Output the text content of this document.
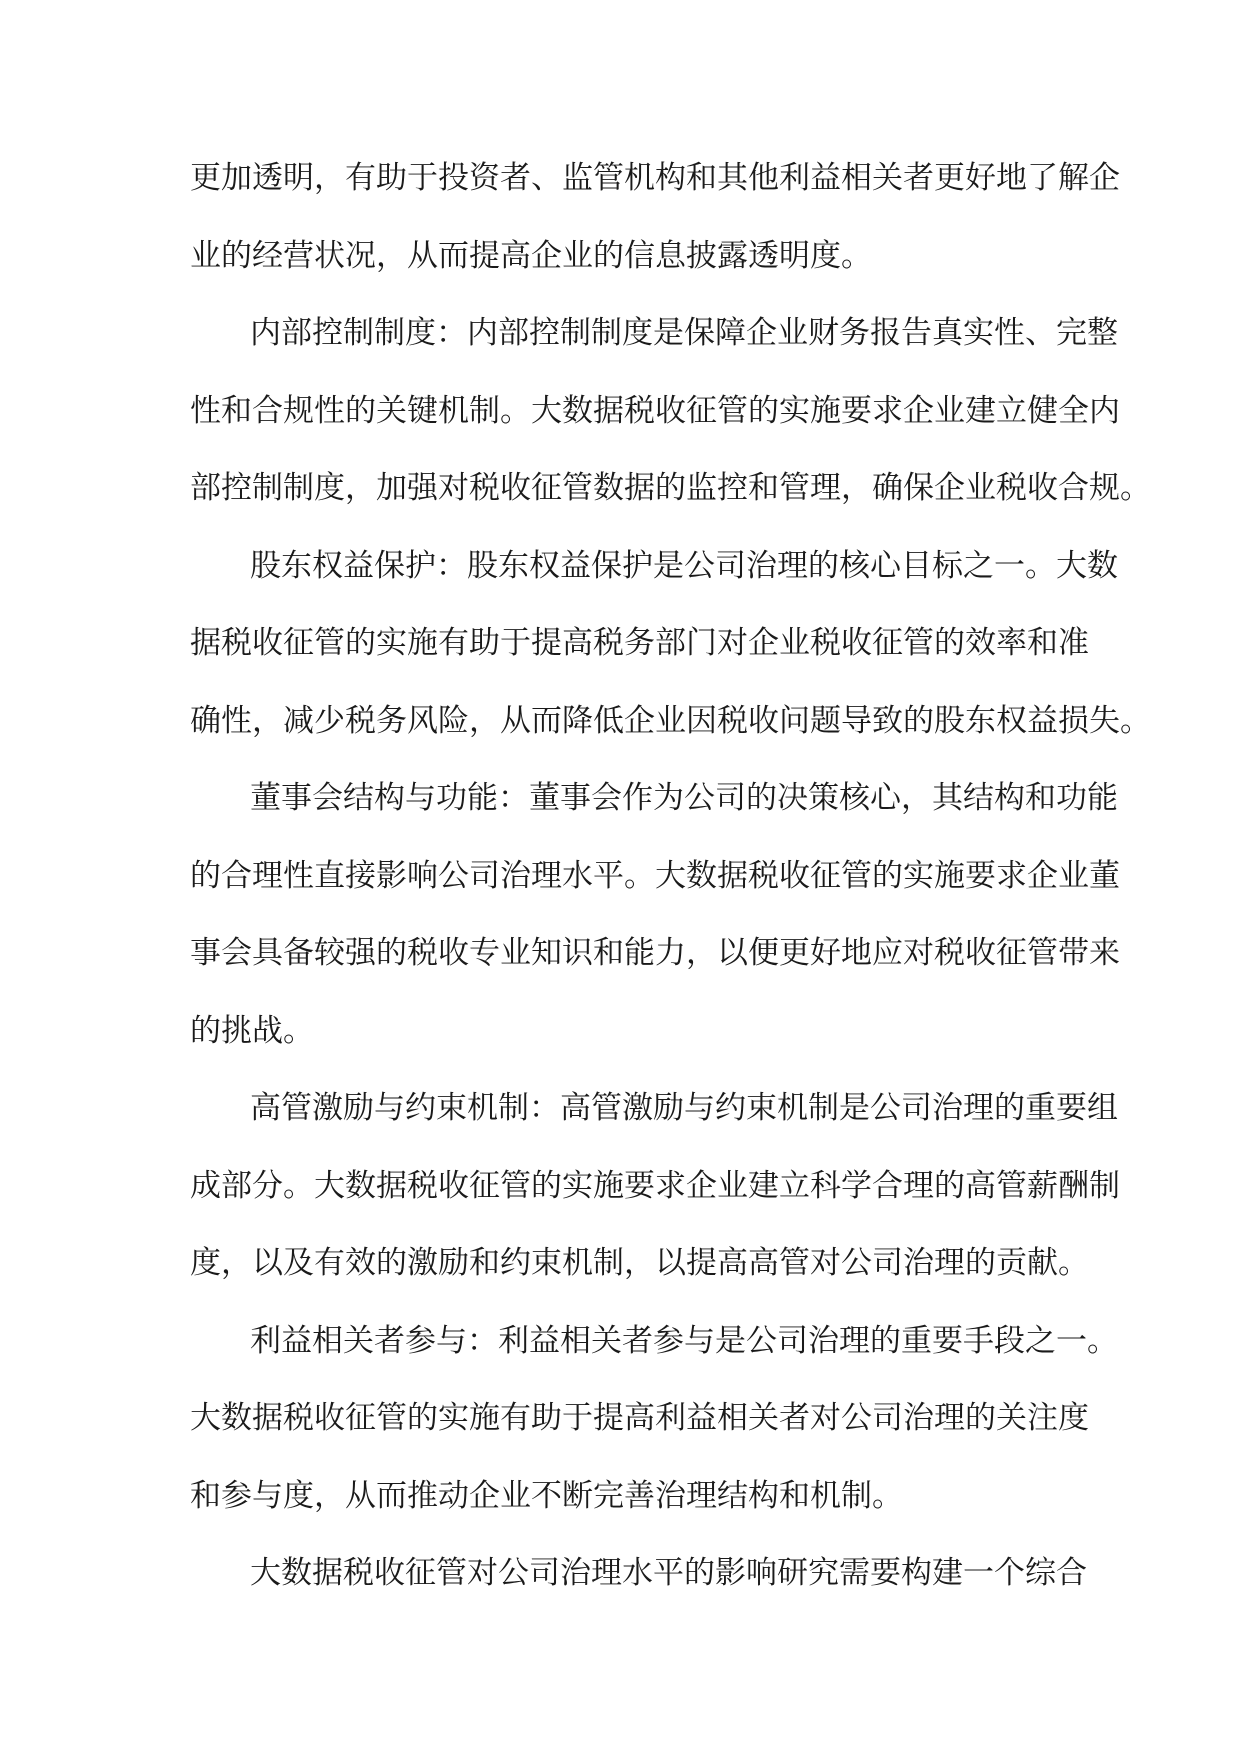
更加透明，有助于投资者、监管机构和其他利益相关者更好地了解企
业的经营状况，从而提高企业的信息披露透明度。
内部控制制度：内部控制制度是保障企业财务报告真实性、完整
性和合规性的关键机制。大数据税收征管的实施要求企业建立健全内
部控制制度，加强对税收征管数据的监控和管理，确保企业税收合规。
股东权益保护：股东权益保护是公司治理的核心目标之一。大数
据税收征管的实施有助于提高税务部门对企业税收征管的效率和准
确性，减少税务风险，从而降低企业因税收问题导致的股东权益损失。
董事会结构与功能：董事会作为公司的决策核心，其结构和功能
的合理性直接影响公司治理水平。大数据税收征管的实施要求企业董
事会具备较强的税收专业知识和能力，以便更好地应对税收征管带来
的挑战。
高管激励与约束机制：高管激励与约束机制是公司治理的重要组
成部分。大数据税收征管的实施要求企业建立科学合理的高管薪酬制
度，以及有效的激励和约束机制，以提高高管对公司治理的贡献。
利益相关者参与：利益相关者参与是公司治理的重要手段之一。
大数据税收征管的实施有助于提高利益相关者对公司治理的关注度
和参与度，从而推动企业不断完善治理结构和机制。
大数据税收征管对公司治理水平的影响研究需要构建一个综合
